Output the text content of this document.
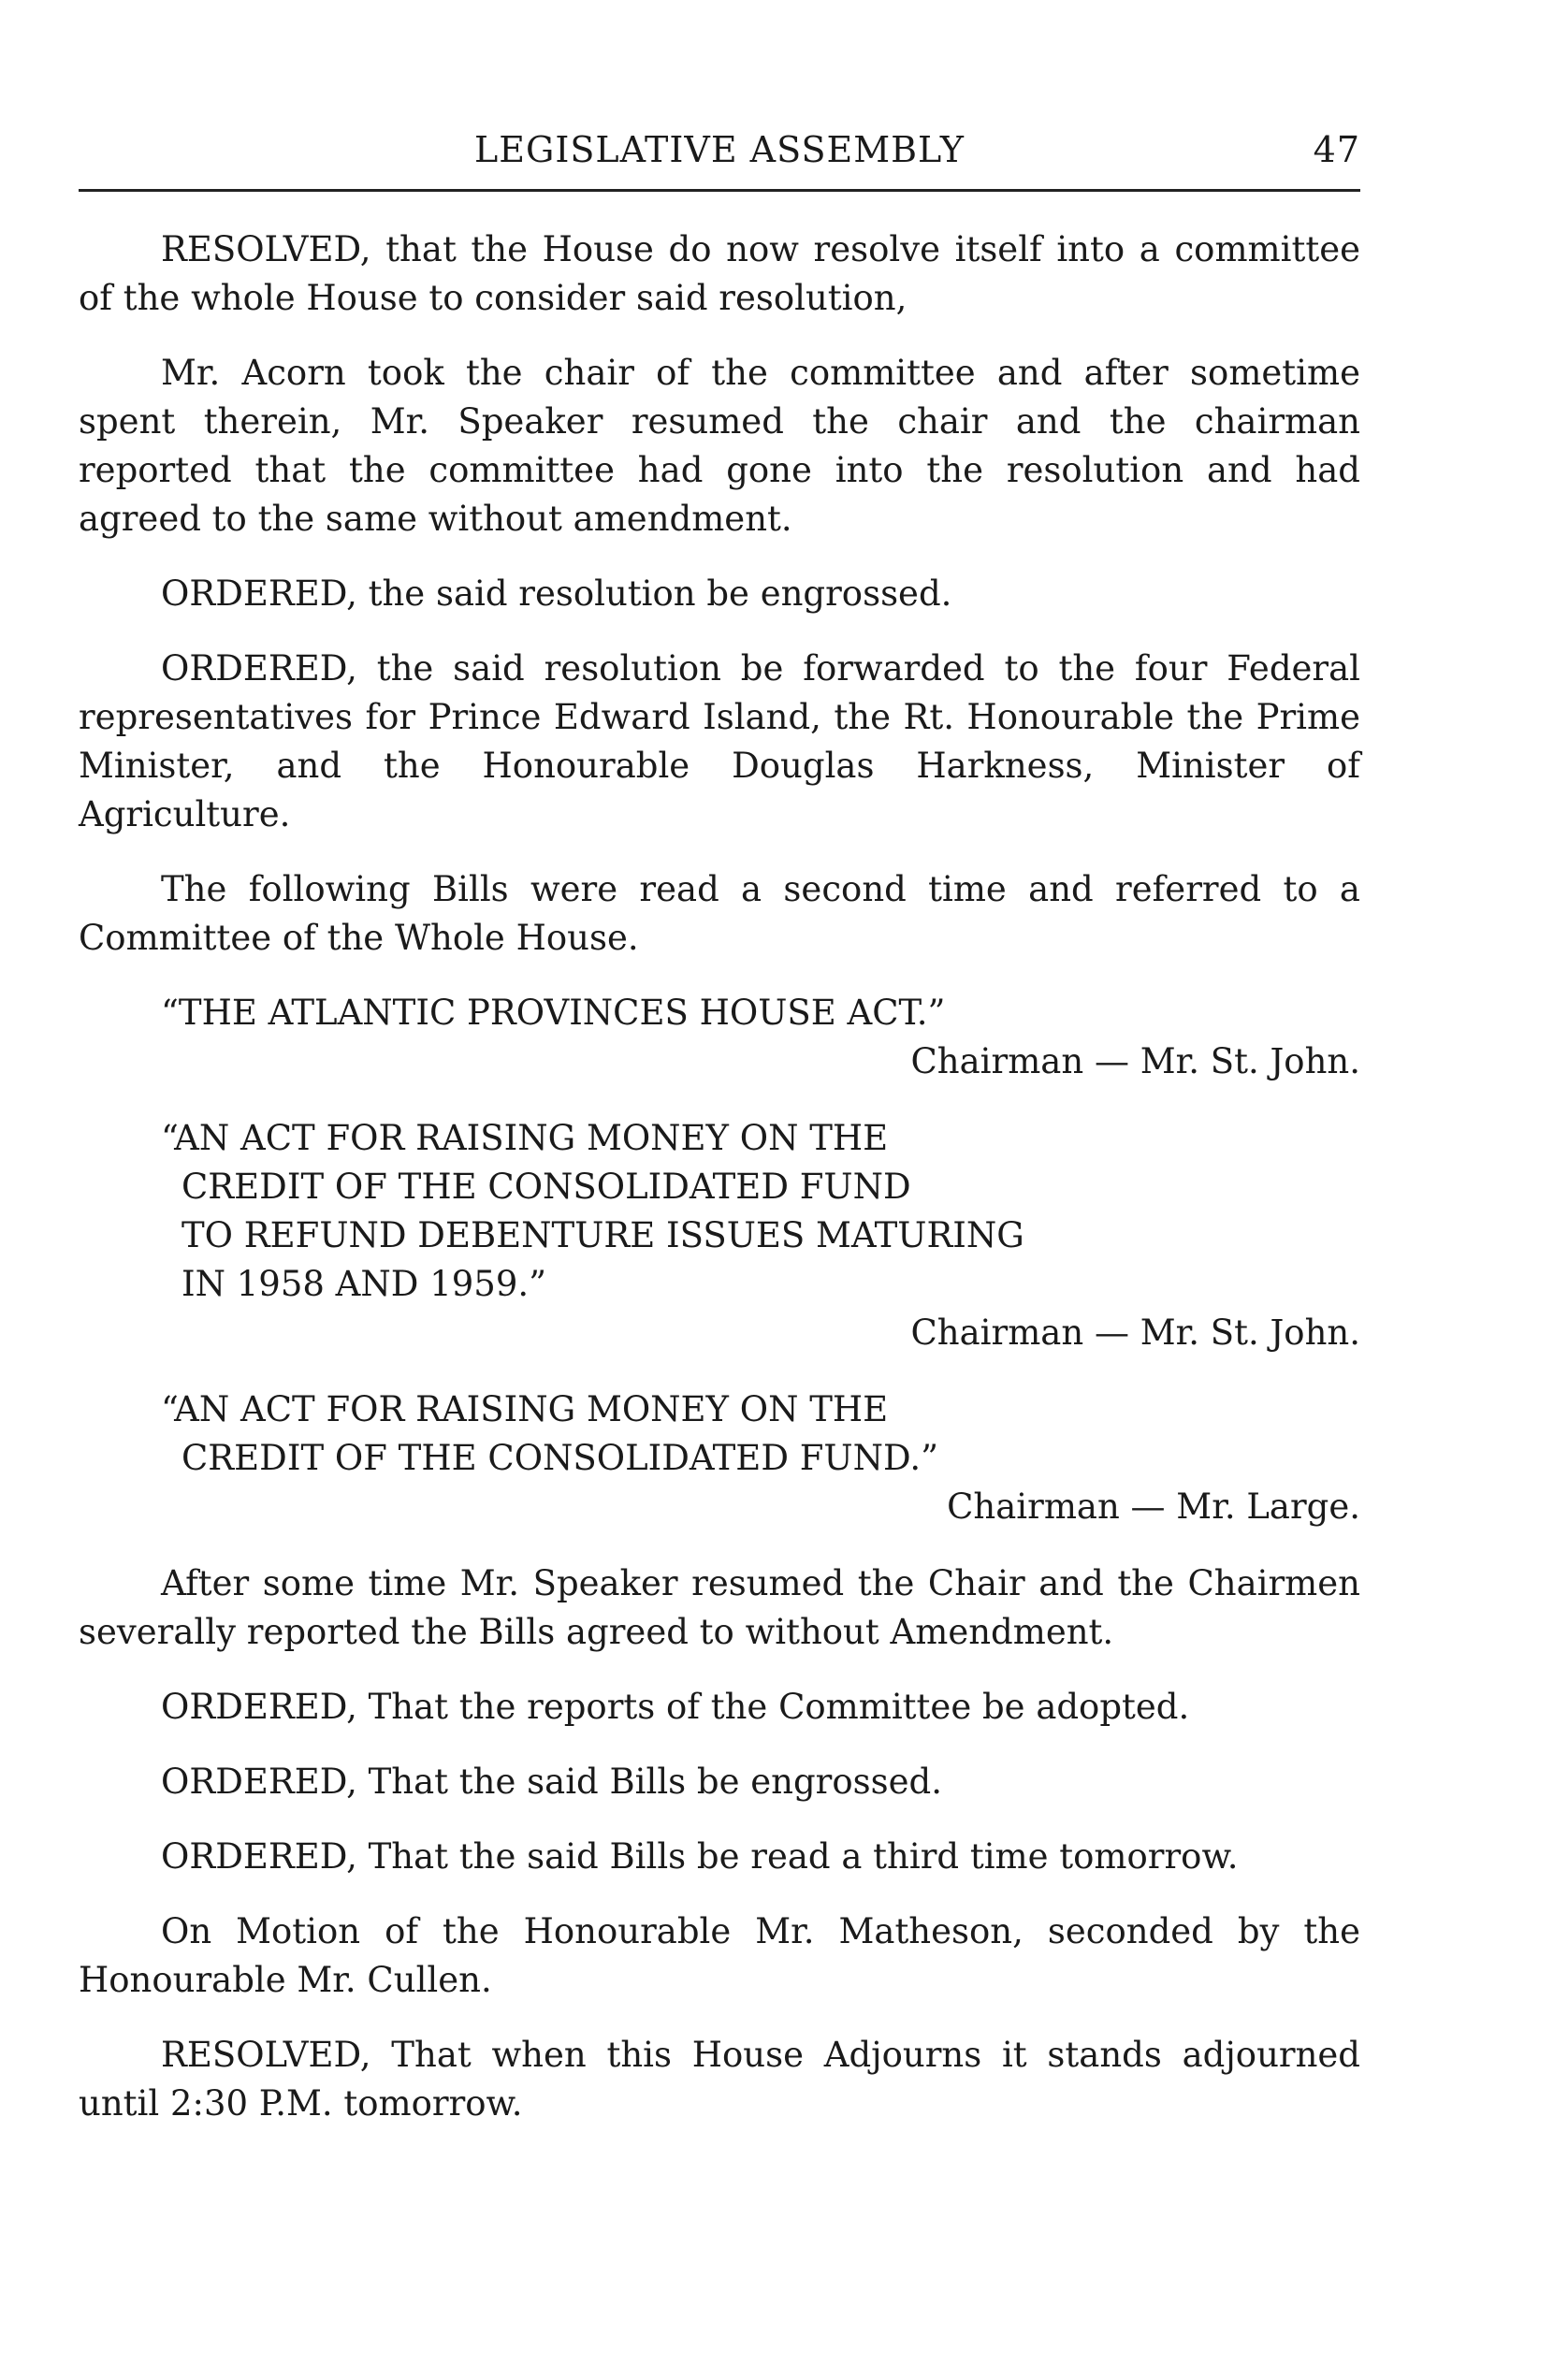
LEGISLATIVE ASSEMBLY	47

RESOLVED, that the House do now resolve itself into a committee of the whole House to consider said resolution,

Mr. Acorn took the chair of the committee and after sometime spent therein, Mr. Speaker resumed the chair and the chairman reported that the committee had gone into the resolution and had agreed to the same without amendment.

ORDERED, the said resolution be engrossed.

ORDERED, the said resolution be forwarded to the four Federal representatives for Prince Edward Island, the Rt. Honourable the Prime Minister, and the Honourable Douglas Harkness, Minister of Agriculture.

The following Bills were read a second time and referred to a Committee of the Whole House.

“THE ATLANTIC PROVINCES HOUSE ACT.”

Chairman — Mr. St. John.

“AN ACT FOR RAISING MONEY ON THE

CREDIT OF THE CONSOLIDATED FUND

TO REFUND DEBENTURE ISSUES MATURING

IN 1958 AND 1959.”

Chairman — Mr. St. John.

“AN ACT FOR RAISING MONEY ON THE

CREDIT OF THE CONSOLIDATED FUND.”

Chairman — Mr. Large.

After some time Mr. Speaker resumed the Chair and the Chairmen severally reported the Bills agreed to without Amendment.

ORDERED, That the reports of the Committee be adopted.

ORDERED, That the said Bills be engrossed.

ORDERED, That the said Bills be read a third time tomorrow.

On Motion of the Honourable Mr. Matheson, seconded by the Honourable Mr. Cullen.

RESOLVED, That when this House Adjourns it stands adjourned until 2:30 P.M. tomorrow.
